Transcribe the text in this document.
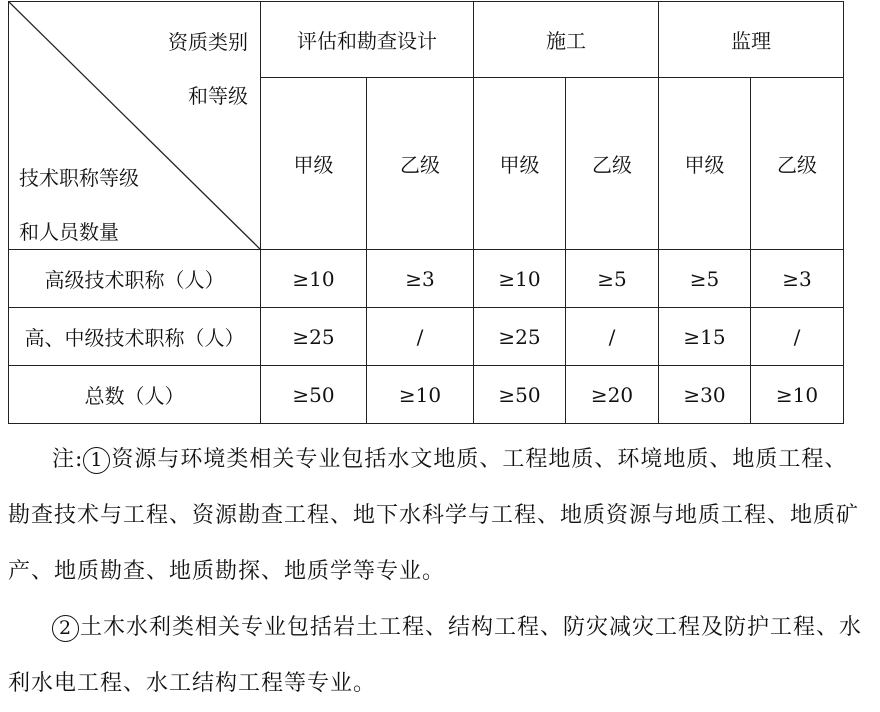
资质类别
和等级
技术职称等级
和人员数量	评估和勘查设计		施工		监理	
	甲级	乙级	甲级	乙级	甲级	乙级
高级技术职称（人）	≥10	≥3	≥10	≥5	≥5	≥3
高、中级技术职称（人）	≥25	/	≥25	/	≥15	/
总数（人）	≥50	≥10	≥50	≥20	≥30	≥10

注: 1 资源与环境类相关专业包括水文地质、工程地质、环境地质、地质工程、勘查技术与工程、资源勘查工程、地下水科学与工程、地质资源与地质工程、地质矿产、地质勘查、地质勘探、地质学等专业。

2 土木水利类相关专业包括岩土工程、结构工程、防灾减灾工程及防护工程、水利水电工程、水工结构工程等专业。
